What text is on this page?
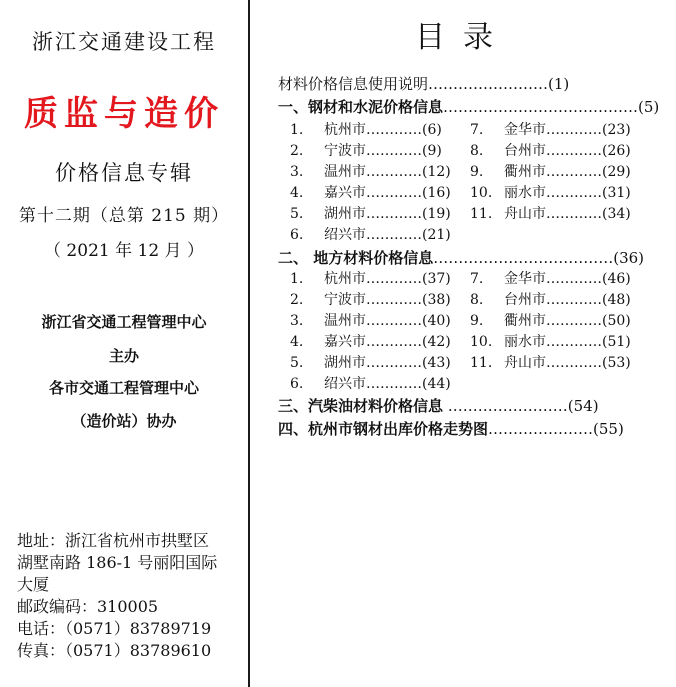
浙江交通建设工程
质监与造价
价格信息专辑
第十二期（总第 215 期）
（ 2021 年 12 月 ）
浙江省交通工程管理中心
主办
各市交通工程管理中心
（造价站）协办
地址：浙江省杭州市拱墅区
湖墅南路 186-1 号丽阳国际
大厦
邮政编码：310005
电话：（0571）83789719
传真：（0571）83789610
目录
材料价格信息使用说明……………………(1)
一、钢材和水泥价格信息…………………………………(5)
1. 杭州市…………(6)
2. 宁波市…………(9)
3. 温州市…………(12)
4. 嘉兴市…………(16)
5. 湖州市…………(19)
6. 绍兴市…………(21)
7. 金华市…………(23)
8. 台州市…………(26)
9. 衢州市…………(29)
10. 丽水市…………(31)
11. 舟山市…………(34)
二、 地方材料价格信息………………………………(36)
1. 杭州市…………(37)
2. 宁波市…………(38)
3. 温州市…………(40)
4. 嘉兴市…………(42)
5. 湖州市…………(43)
6. 绍兴市…………(44)
7. 金华市…………(46)
8. 台州市…………(48)
9. 衢州市…………(50)
10. 丽水市…………(51)
11. 舟山市…………(53)
三、汽柴油材料价格信息 ……………………(54)
四、杭州市钢材出库价格走势图…………………(55)
